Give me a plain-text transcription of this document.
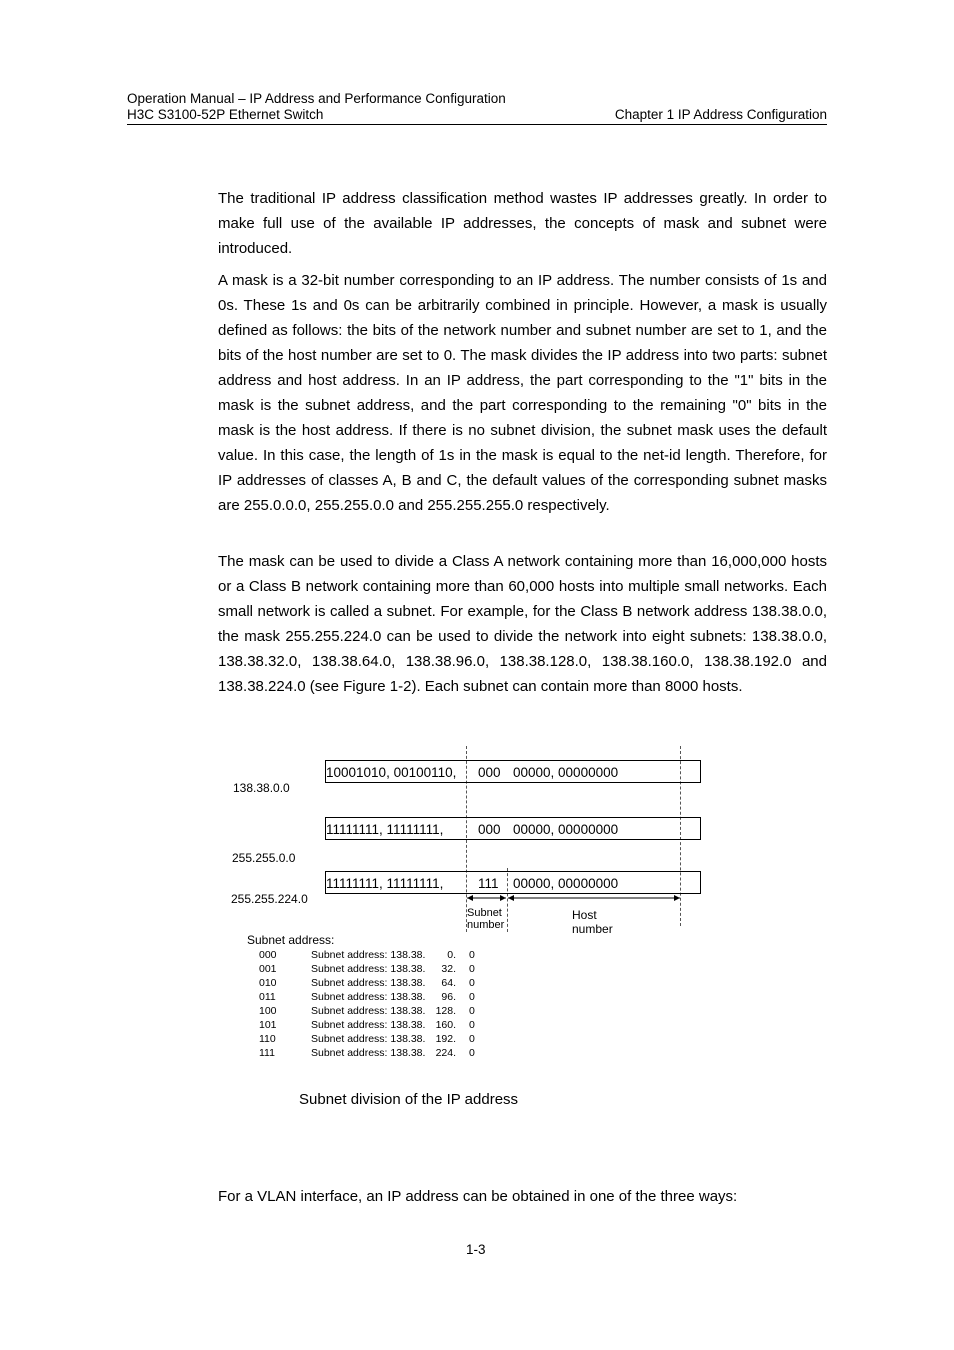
Operation Manual – IP Address and Performance Configuration
H3C S3100-52P Ethernet Switch	Chapter 1 IP Address Configuration

The traditional IP address classification method wastes IP addresses greatly. In order to make full use of the available IP addresses, the concepts of mask and subnet were introduced.

A mask is a 32-bit number corresponding to an IP address. The number consists of 1s and 0s. These 1s and 0s can be arbitrarily combined in principle. However, a mask is usually defined as follows: the bits of the network number and subnet number are set to 1, and the bits of the host number are set to 0. The mask divides the IP address into two parts: subnet address and host address. In an IP address, the part corresponding to the "1" bits in the mask is the subnet address, and the part corresponding to the remaining "0" bits in the mask is the host address. If there is no subnet division, the subnet mask uses the default value. In this case, the length of 1s in the mask is equal to the net-id length. Therefore, for IP addresses of classes A, B and C, the default values of the corresponding subnet masks are 255.0.0.0, 255.255.0.0 and 255.255.255.0 respectively.

The mask can be used to divide a Class A network containing more than 16,000,000 hosts or a Class B network containing more than 60,000 hosts into multiple small networks. Each small network is called a subnet. For example, for the Class B network address 138.38.0.0, the mask 255.255.224.0 can be used to divide the network into eight subnets: 138.38.0.0, 138.38.32.0, 138.38.64.0, 138.38.96.0, 138.38.128.0, 138.38.160.0, 138.38.192.0 and 138.38.224.0 (see Figure 1-2). Each subnet can contain more than 8000 hosts.

10001010, 00100110, 000 00000, 00000000
138.38.0.0
11111111, 11111111,	000 00000, 00000000
255.255.0.0
11111111, 11111111,	111 00000, 00000000
255.255.224.0
Subnet
number
Host
number
Subnet address:
000	Subnet address: 138.38. 0. 0
001	Subnet address: 138.38. 32. 0
010	Subnet address: 138.38. 64. 0
011	Subnet address: 138.38. 96. 0
100	Subnet address: 138.38. 128. 0
101	Subnet address: 138.38. 160. 0
110	Subnet address: 138.38. 192. 0
111	Subnet address: 138.38. 224. 0
Subnet division of the IP address

For a VLAN interface, an IP address can be obtained in one of the three ways:

1-3
